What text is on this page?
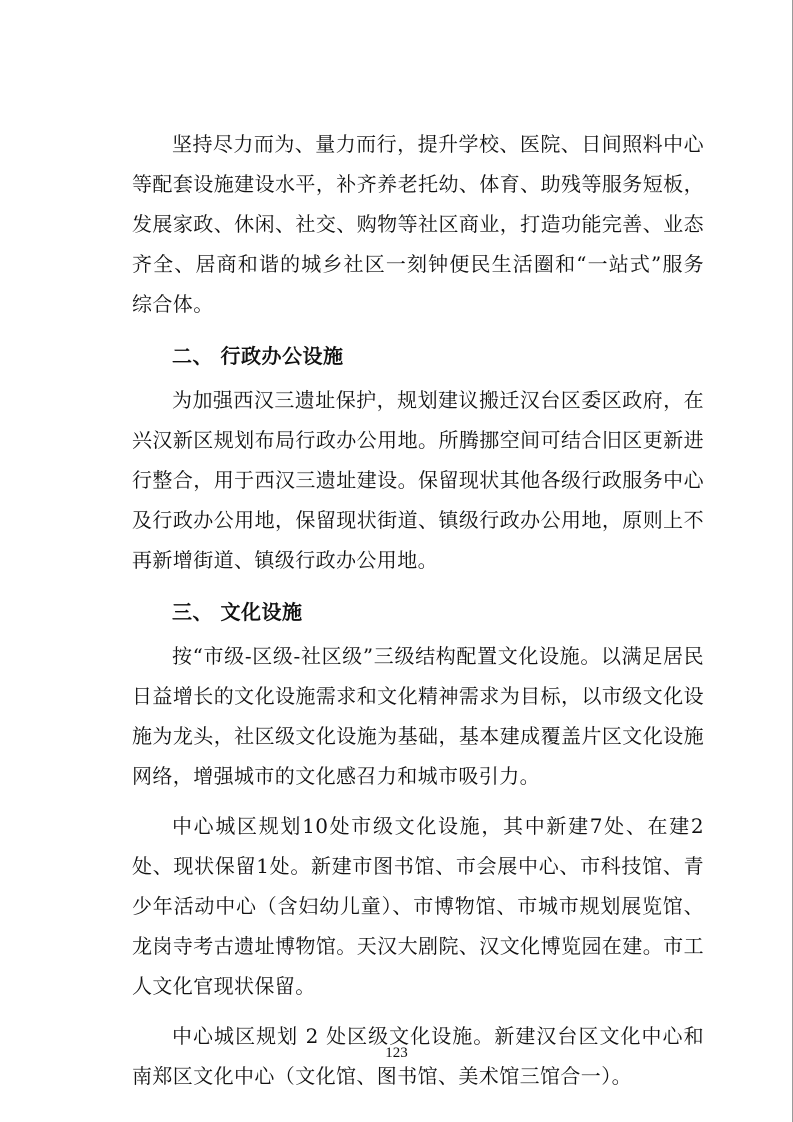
坚持尽力而为、量力而行，提升学校、医院、日间照料中心等配套设施建设水平，补齐养老托幼、体育、助残等服务短板，发展家政、休闲、社交、购物等社区商业，打造功能完善、业态齐全、居商和谐的城乡社区一刻钟便民生活圈和“一站式”服务综合体。

二、 行政办公设施

为加强西汉三遗址保护，规划建议搬迁汉台区委区政府，在兴汉新区规划布局行政办公用地。所腾挪空间可结合旧区更新进行整合，用于西汉三遗址建设。保留现状其他各级行政服务中心及行政办公用地，保留现状街道、镇级行政办公用地，原则上不再新增街道、镇级行政办公用地。

三、 文化设施

按“市级-区级-社区级”三级结构配置文化设施。以满足居民日益增长的文化设施需求和文化精神需求为目标，以市级文化设施为龙头，社区级文化设施为基础，基本建成覆盖片区文化设施网络，增强城市的文化感召力和城市吸引力。

中心城区规划10处市级文化设施，其中新建7处、在建2处、现状保留1处。新建市图书馆、市会展中心、市科技馆、青少年活动中心（含妇幼儿童）、市博物馆、市城市规划展览馆、龙岗寺考古遗址博物馆。天汉大剧院、汉文化博览园在建。市工人文化官现状保留。

中心城区规划 2 处区级文化设施。新建汉台区文化中心和南郑区文化中心（文化馆、图书馆、美术馆三馆合一）。

123
